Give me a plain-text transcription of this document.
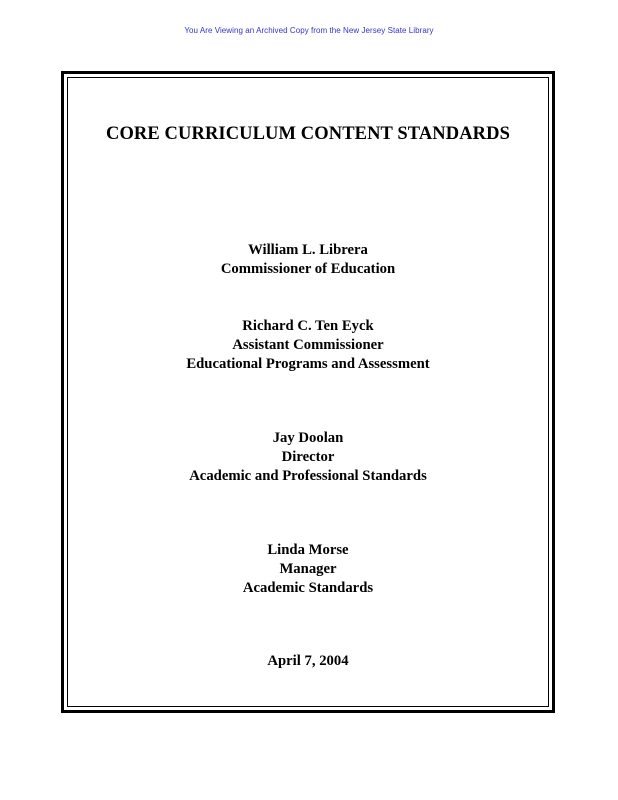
You Are Viewing an Archived Copy from the New Jersey State Library
CORE CURRICULUM CONTENT STANDARDS
William L. Librera
Commissioner of Education
Richard C. Ten Eyck
Assistant Commissioner
Educational Programs and Assessment
Jay Doolan
Director
Academic and Professional Standards
Linda Morse
Manager
Academic Standards
April 7, 2004
